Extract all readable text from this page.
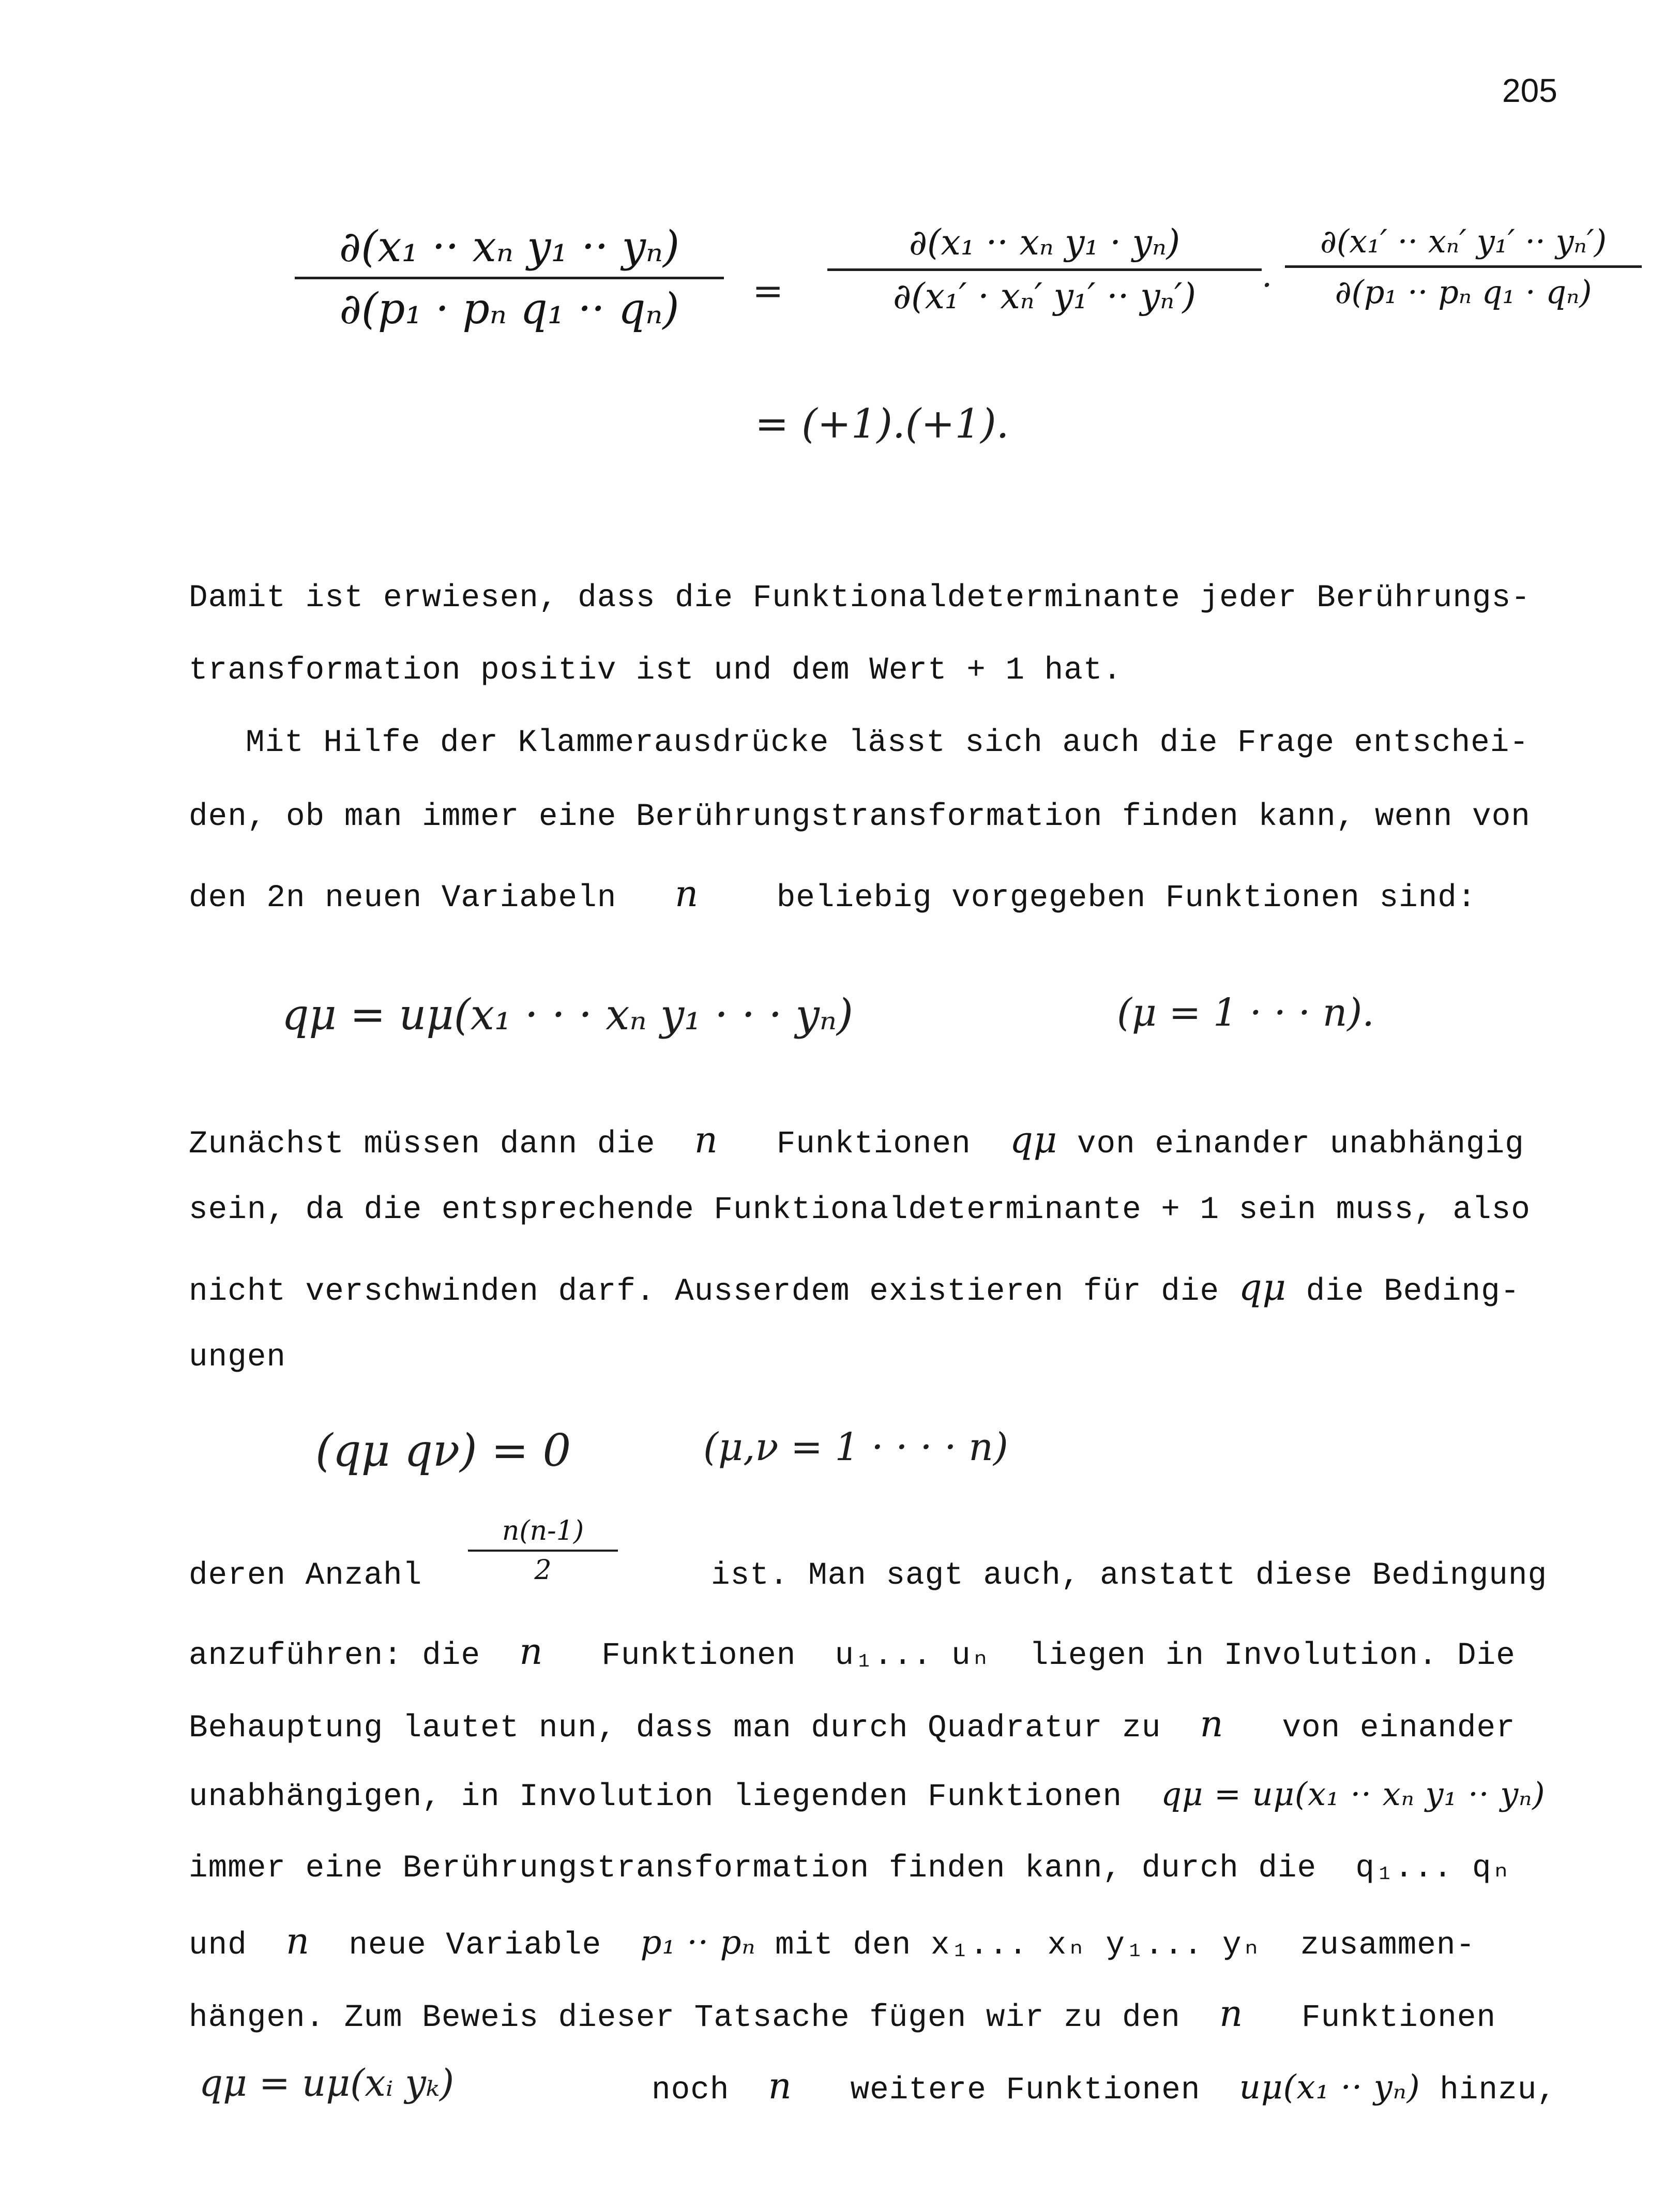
205
∂(x₁ ·· xₙ y₁ ·· yₙ)
∂(p₁ · pₙ q₁ ·· qₙ)	=
∂(x₁ ·· xₙ y₁ · yₙ)
∂(x₁′ · xₙ′ y₁′ ·· yₙ′)	·
∂(x₁′ ·· xₙ′ y₁′ ·· yₙ′)
∂(p₁ ·· pₙ q₁ · qₙ)
= (+1).(+1).
Damit ist erwiesen, dass die Funktionaldeterminante jeder Berührungs-
transformation positiv ist und dem Wert + 1 hat.
Mit Hilfe der Klammerausdrücke lässt sich auch die Frage entschei-
den, ob man immer eine Berührungstransformation finden kann, wenn von
den 2n neuen Variabeln n beliebig vorgegeben Funktionen sind:
qμ = uμ(x₁ · · · xₙ y₁ · · · yₙ)	(μ = 1 · · · n).
Zunächst müssen dann die n Funktionen qμ von einander unabhängig
sein, da die entsprechende Funktionaldeterminante + 1 sein muss, also
nicht verschwinden darf. Ausserdem existieren für die qμ die Beding-
ungen
(qμ qν) = 0	(μ,ν = 1 · · · · n)
n(n-1)
2
deren Anzahl	ist. Man sagt auch, anstatt diese Bedingung
anzuführen: die n Funktionen u₁... uₙ liegen in Involution. Die
Behauptung lautet nun, dass man durch Quadratur zu n von einander
unabhängigen, in Involution liegenden Funktionen qμ = uμ(x₁ ·· xₙ y₁ ·· yₙ)
immer eine Berührungstransformation finden kann, durch die q₁... qₙ
und n neue Variable p₁ ·· pₙ mit den x₁... xₙ y₁... yₙ zusammen-
hängen. Zum Beweis dieser Tatsache fügen wir zu den n Funktionen
qμ = uμ(xᵢ yₖ)	noch n weitere Funktionen uμ(x₁ ·· yₙ) hinzu,
